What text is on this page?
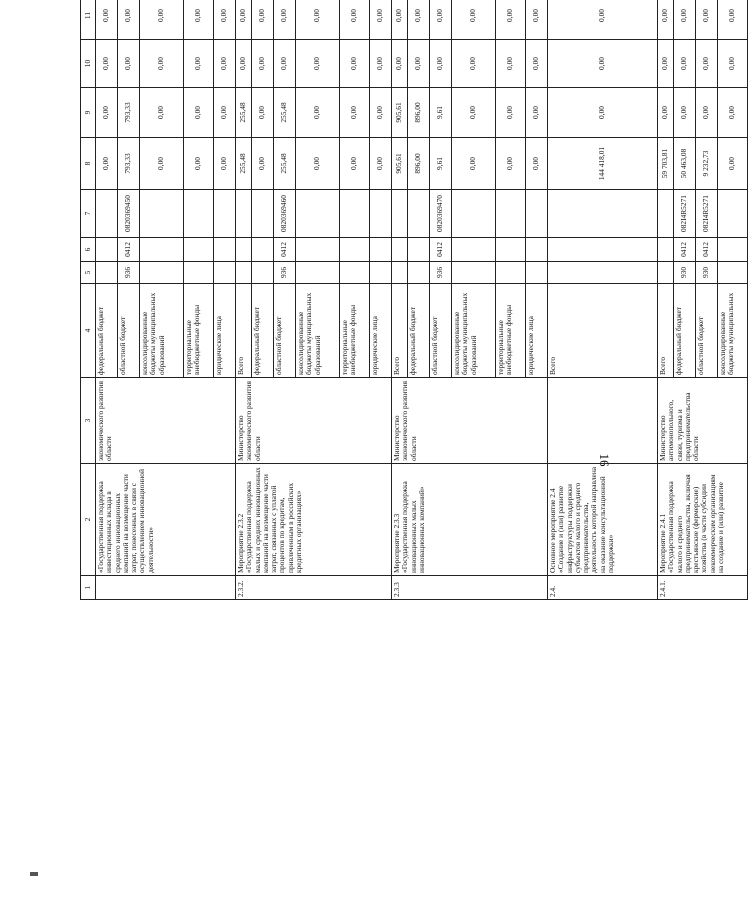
16
1	2	3	4	5	6	7	8	9	10	11				
	«Государственная поддержка инвестиционных вклада в среднего инновационных компаний на возмещение части затрат, понесенных в связи с осуществлением инновационной деятельности»	экономического развития области	федеральный бюджет				0,00	0,00	0,00	0,00				
			областной бюджет	936	0412	0820369450	793,33	793,33	0,00	0,00				
			консолидированные бюджеты муниципальных образований				0,00	0,00	0,00	0,00				
			территориальные внебюджетные фонды				0,00	0,00	0,00	0,00				
			юридические лица				0,00	0,00	0,00	0,00				
2.3.2.	Мероприятие 2.3.2 «Государственная поддержка малых и средних инновационных компаний на возмещение части затрат, связанных с уплатой процентов по кредитам, привлеченным в российских кредитных организациях»	Министерство экономического развития области	Всего				255,48	255,48	0,00	0,00				
			федеральный бюджет				0,00	0,00	0,00	0,00				
			областной бюджет	936	0412	0820369460	255,48	255,48	0,00	0,00				
			консолидированные бюджеты муниципальных образований				0,00	0,00	0,00	0,00				
			территориальные внебюджетные фонды				0,00	0,00	0,00	0,00				
			юридические лица				0,00	0,00	0,00	0,00				
2.3.3	Мероприятие 2.3.3 «Государственная поддержка инновационных малых инновационных компаний»	Министерство экономического развития области	Всего				905,61	905,61	0,00	0,00				
			федеральный бюджет				896,00	896,00	0,00	0,00				
			областной бюджет	936	0412	0820369470	9,61	9,61	0,00	0,00				
			консолидированные бюджеты муниципальных образований				0,00	0,00	0,00	0,00				
			территориальные внебюджетные фонды				0,00	0,00	0,00	0,00				
			юридические лица				0,00	0,00	0,00	0,00				
2.4.	Основное мероприятие 2.4 «Создание и (или) развитие инфраструктуры поддержки субъектов малого и среднего предпринимательства, деятельность которой направлена на оказание консультационной поддержки»		Всего				144 418,01	0,00	0,00	0,00				
2.4.1.	Мероприятие 2.4.1 «Государственная поддержка малого и среднего предпринимательства, включая крестьянские (фермерские) хозяйства (в части субсидии некоммерческим организациям на создание и (или) развитие	Министерство антимонопольного, связи, туризма и предпринимательства области	Всего				59 703,81	0,00	0,00	0,00				
			федеральный бюджет	930	0412	082I4R5271	50 463,08	0,00	0,00	0,00				
			областной бюджет	930	0412	082I4R5271	9 232,73	0,00	0,00	0,00				
			консолидированные бюджеты муниципальных				0,00	0,00	0,00	0,00				
